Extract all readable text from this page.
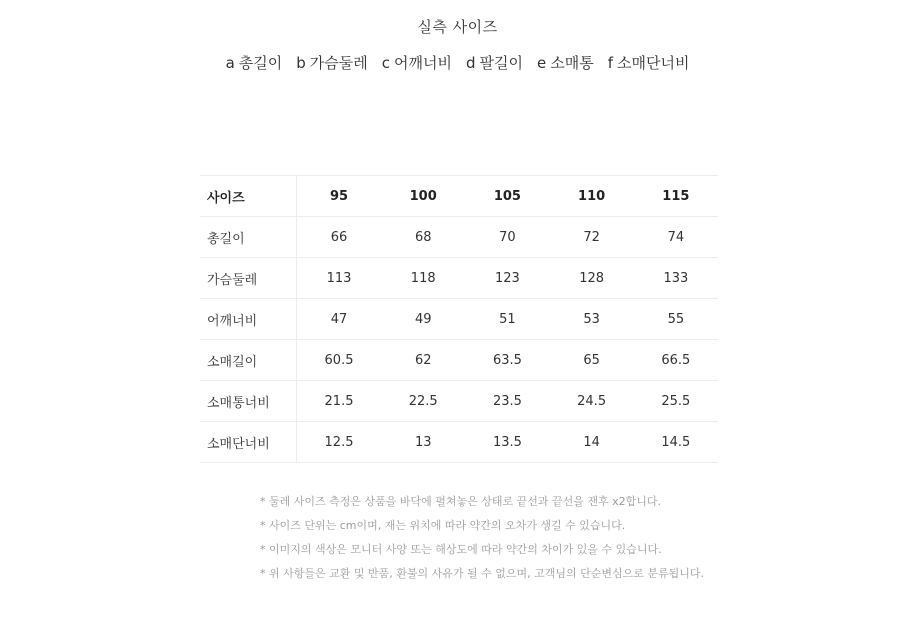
실측 사이즈
a 총길이 b 가슴둘레 c 어깨너비 d 팔길이 e 소매통 f 소매단너비
사이즈	95	100	105	110	115
총길이	66	68	70	72	74
가슴둘레	113	118	123	128	133
어깨너비	47	49	51	53	55
소매길이	60.5	62	63.5	65	66.5
소매통너비	21.5	22.5	23.5	24.5	25.5
소매단너비	12.5	13	13.5	14	14.5
* 둘레 사이즈 측정은 상품을 바닥에 펼쳐놓은 상태로 끝선과 끝선을 잰후 x2합니다.
* 사이즈 단위는 cm이며, 재는 위치에 따라 약간의 오차가 생길 수 있습니다.
* 이미지의 색상은 모니터 사양 또는 해상도에 따라 약간의 차이가 있을 수 있습니다.
* 위 사항들은 교환 및 반품, 환불의 사유가 될 수 없으며, 고객님의 단순변심으로 분류됩니다.
